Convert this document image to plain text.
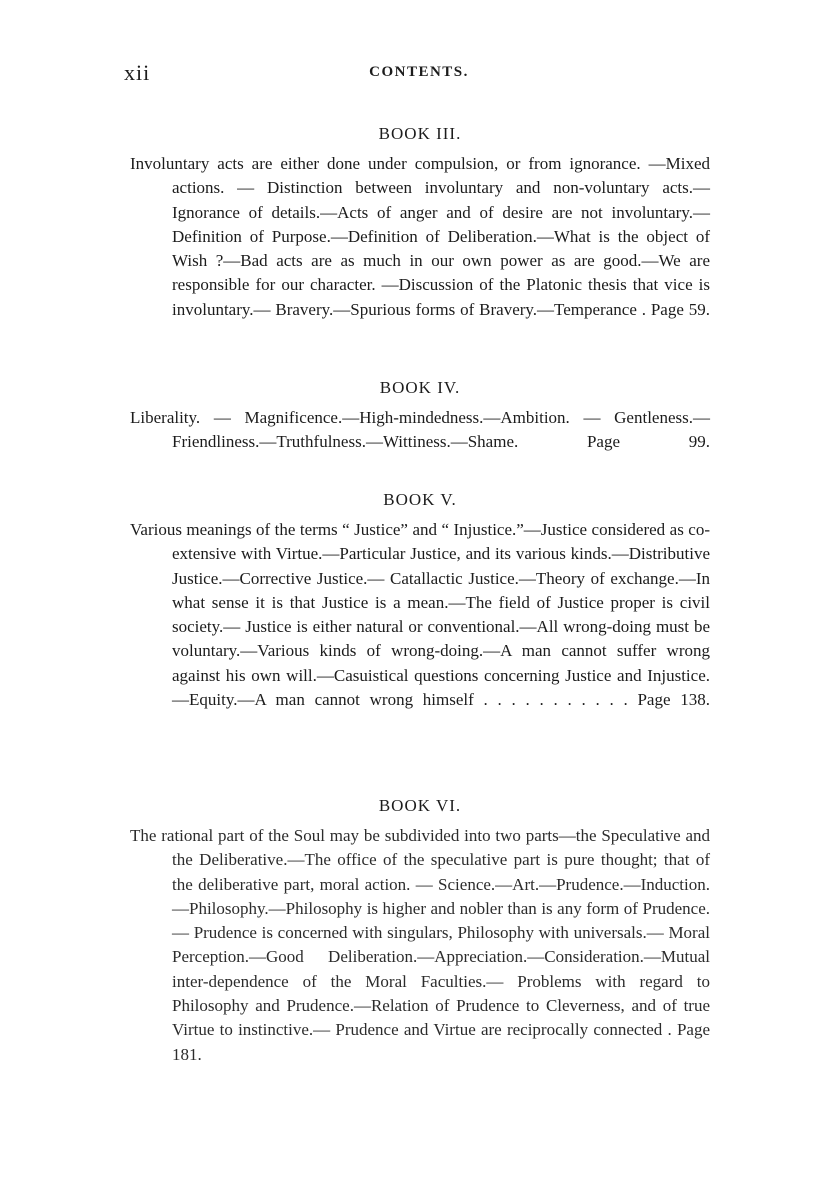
xii	CONTENTS.
BOOK III.

Involuntary acts are either done under compulsion, or from ignorance. —Mixed actions. — Distinction between involuntary and non-voluntary acts.—Ignorance of details.—Acts of anger and of desire are not involuntary.—Definition of Purpose.—Definition of Deliberation.—What is the object of Wish ?—Bad acts are as much in our own power as are good.—We are responsible for our character. —Discussion of the Platonic thesis that vice is involuntary.— Bravery.—Spurious forms of Bravery.—Temperance . Page 59.

BOOK IV.

Liberality. — Magnificence.—High-mindedness.—Ambition. — Gentleness.—Friendliness.—Truthfulness.—Wittiness.—Shame. Page 99.

BOOK V.

Various meanings of the terms “ Justice” and “ Injustice.”—Justice considered as co-extensive with Virtue.—Particular Justice, and its various kinds.—Distributive Justice.—Corrective Justice.— Catallactic Justice.—Theory of exchange.—In what sense it is that Justice is a mean.—The field of Justice proper is civil society.— Justice is either natural or conventional.—All wrong-doing must be voluntary.—Various kinds of wrong-doing.—A man cannot suffer wrong against his own will.—Casuistical questions concerning Justice and Injustice.—Equity.—A man cannot wrong himself . . . . . . . . . . . Page 138.

BOOK VI.

The rational part of the Soul may be subdivided into two parts—the Speculative and the Deliberative.—The office of the speculative part is pure thought; that of the deliberative part, moral action. — Science.—Art.—Prudence.—Induction.—Philosophy.—Philosophy is higher and nobler than is any form of Prudence.— Prudence is concerned with singulars, Philosophy with universals.— Moral Perception.—Good Deliberation.—Appreciation.—Consideration.—Mutual inter-dependence of the Moral Faculties.— Problems with regard to Philosophy and Prudence.—Relation of Prudence to Cleverness, and of true Virtue to instinctive.— Prudence and Virtue are reciprocally connected . Page 181.
